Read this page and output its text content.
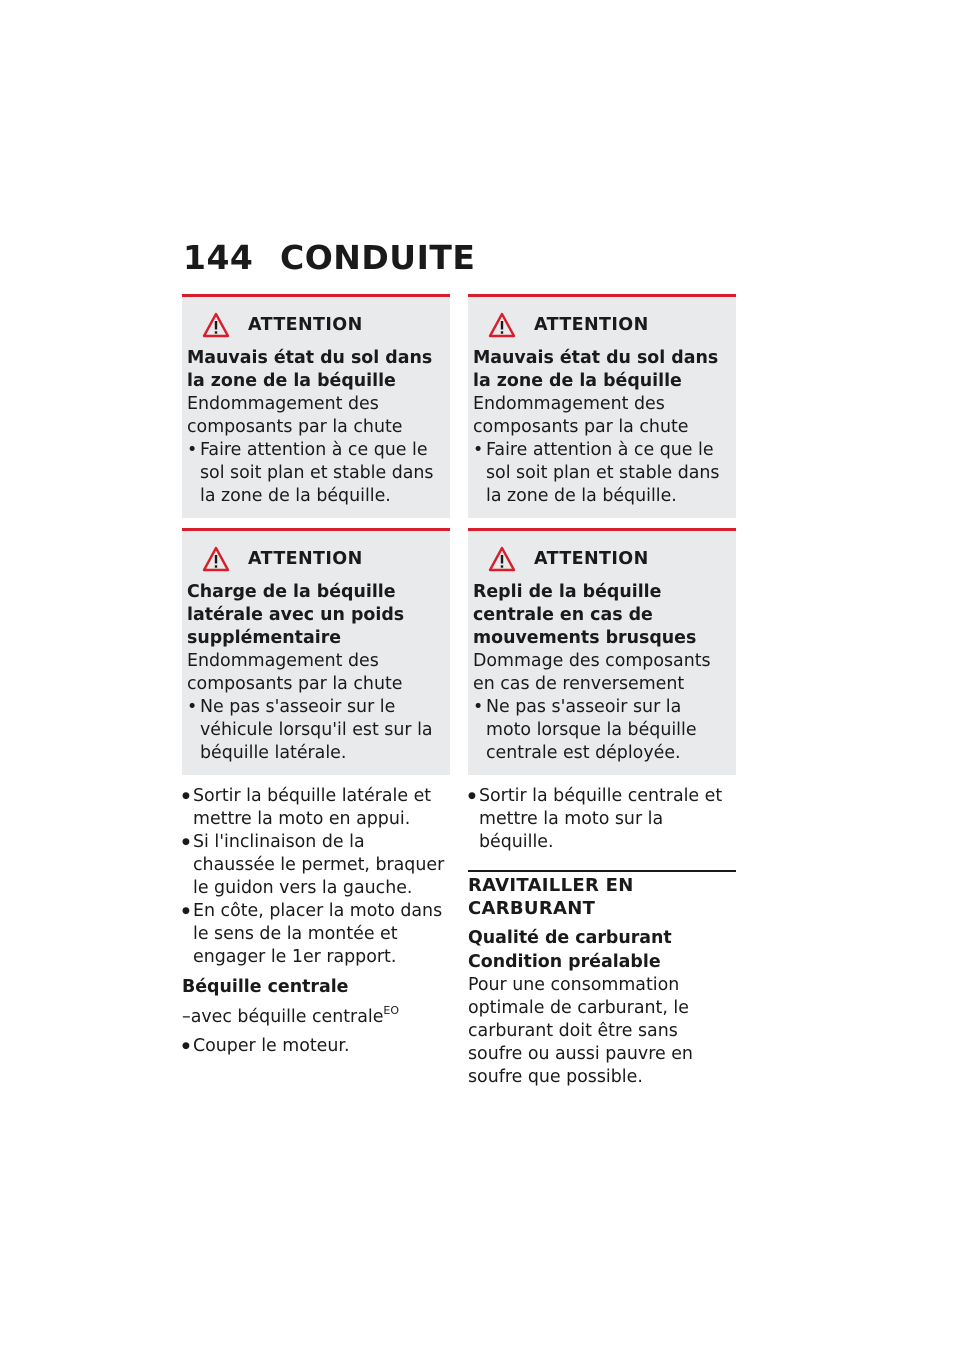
144 CONDUITE
ATTENTION
Mauvais état du sol dans la zone de la béquille
Endommagement des composants par la chute
• Faire attention à ce que le sol soit plan et stable dans la zone de la béquille.
ATTENTION
Charge de la béquille latérale avec un poids supplémentaire
Endommagement des composants par la chute
• Ne pas s'asseoir sur le véhicule lorsqu'il est sur la béquille latérale.
● Sortir la béquille latérale et mettre la moto en appui.
● Si l'inclinaison de la chaussée le permet, braquer le guidon vers la gauche.
● En côte, placer la moto dans le sens de la montée et engager le 1er rapport.
Béquille centrale
–avec béquille centrale$^{EO}$
● Couper le moteur.
ATTENTION
Mauvais état du sol dans la zone de la béquille
Endommagement des composants par la chute
• Faire attention à ce que le sol soit plan et stable dans la zone de la béquille.
ATTENTION
Repli de la béquille centrale en cas de mouvements brusques
Dommage des composants en cas de renversement
• Ne pas s'asseoir sur la moto lorsque la béquille centrale est déployée.
● Sortir la béquille centrale et mettre la moto sur la béquille.
RAVITAILLER EN CARBURANT
Qualité de carburant
Condition préalable
Pour une consommation optimale de carburant, le carburant doit être sans soufre ou aussi pauvre en soufre que possible.
